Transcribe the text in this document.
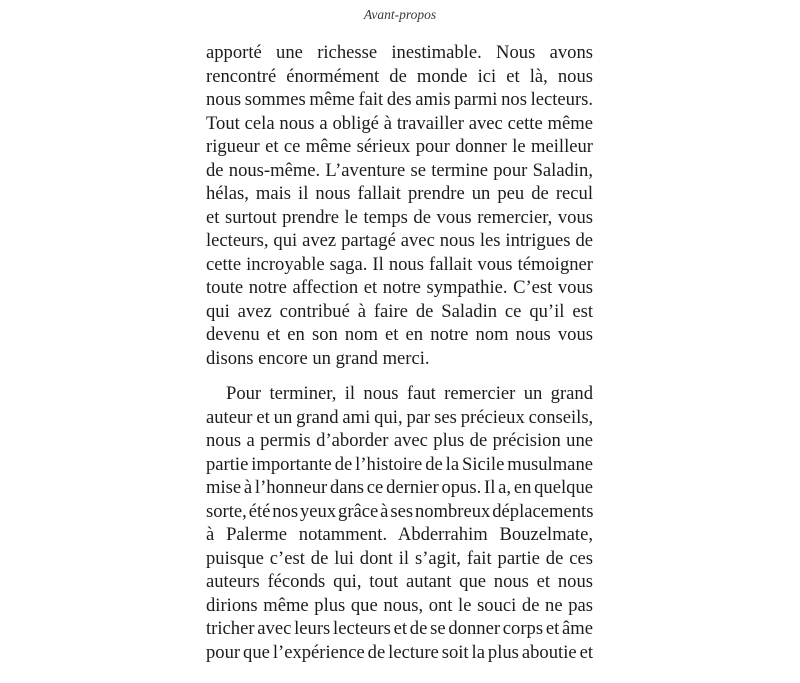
Avant-propos

apporté une richesse inestimable. Nous avons
rencontré énormément de monde ici et là, nous
nous sommes même fait des amis parmi nos lecteurs.
Tout cela nous a obligé à travailler avec cette même
rigueur et ce même sérieux pour donner le meilleur
de nous-même. L’aventure se termine pour Saladin,
hélas, mais il nous fallait prendre un peu de recul
et surtout prendre le temps de vous remercier, vous
lecteurs, qui avez partagé avec nous les intrigues de
cette incroyable saga. Il nous fallait vous témoigner
toute notre affection et notre sympathie. C’est vous
qui avez contribué à faire de Saladin ce qu’il est
devenu et en son nom et en notre nom nous vous
disons encore un grand merci.

Pour terminer, il nous faut remercier un grand
auteur et un grand ami qui, par ses précieux conseils,
nous a permis d’aborder avec plus de précision une
partie importante de l’histoire de la Sicile musulmane
mise à l’honneur dans ce dernier opus. Il a, en quelque
sorte, été nos yeux grâce à ses nombreux déplacements
à Palerme notamment. Abderrahim Bouzelmate,
puisque c’est de lui dont il s’agit, fait partie de ces
auteurs féconds qui, tout autant que nous et nous
dirions même plus que nous, ont le souci de ne pas
tricher avec leurs lecteurs et de se donner corps et âme
pour que l’expérience de lecture soit la plus aboutie et
